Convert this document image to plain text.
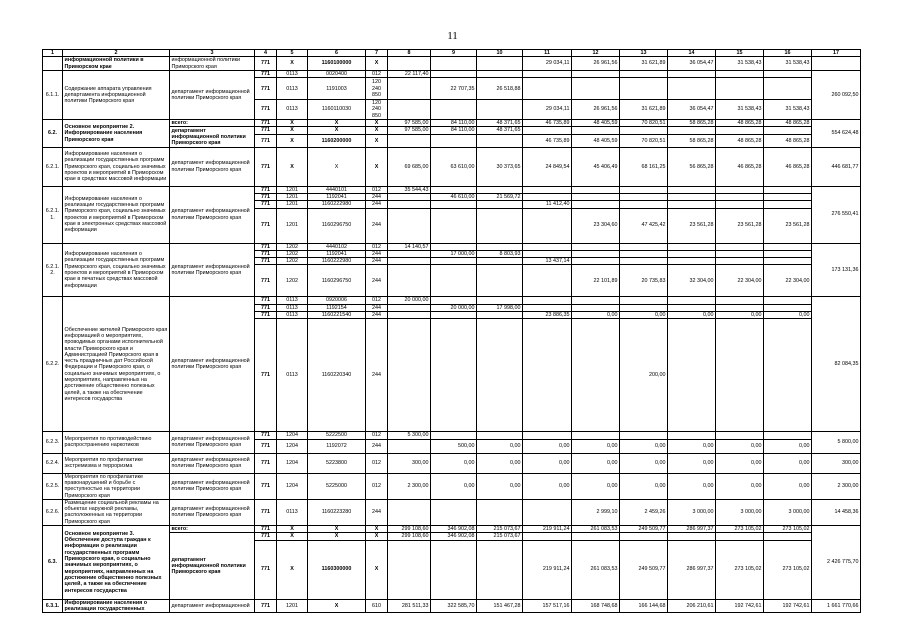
11
1	2	3	4	5	6	7	8	9	10	11	12	13	14	15	16	17
	информационной политики в Приморском крае	информационной политики Приморского края	771	X	1160100000	X				29 034,11	26 961,56	31 621,89	36 054,47	31 538,43	31 538,43	
6.1.1.	Содержание аппарата управления департамента информационной политики Приморского края	департамент информационной политики Приморского края	771	0113	0020400	012	22 117,40									260 092,50
			771	0113	1191003	120 240 850		22 707,35	26 518,88							
			771	0113	1160110030	120 240 850				29 034,11	26 961,56	31 621,89	36 054,47	31 538,43	31 538,43	
6.2.	Основное мероприятие 2. Информирование населения Приморского края	всего:	771	X	X	X	97 585,00	84 110,00	48 371,65	46 735,89	48 405,59	70 820,51	58 865,28	48 865,28	48 865,28	554 624,48
		департамент информационной политики Приморского края	771	X	X	X	97 585,00	84 110,00	48 371,65							
			771	X	1160200000	X				46 735,89	48 405,59	70 820,51	58 865,28	48 865,28	48 865,28	
6.2.1.	Информирование населения о реализации государственных программ Приморского края, социально значимых проектов и мероприятий в Приморском крае в средствах массовой информации	департамент информационной политики Приморского края	771	X	X	X	69 685,00	63 610,00	30 373,65	24 849,54	45 406,49	68 161,25	56 865,28	46 865,28	46 865,28	446 681,77
6.2.1.1.	Информирование населения о реализации государственных программ Приморского края, социально значимых проектов и мероприятий в Приморском крае в электронных средствах массовой информации	департамент информационной политики Приморского края	771	1201	4440101	012	35 544,43									276 550,41
			771	1201	1192041	244		46 610,00	21 569,72							
			771	1201	1160222980	244				11 412,40						
			771	1201	1160296750	244					23 304,60	47 425,42	23 561,28	23 561,28	23 561,28	
6.2.1.2.	Информирование населения о реализации государственных программ Приморского края, социально значимых проектов и мероприятий в Приморском крае в печатных средствах массовой информации	департамент информационной политики Приморского края	771	1202	4440102	012	14 140,57									173 131,36
			771	1202	1192041	244		17 000,00	8 803,93							
			771	1202	1160222980	244				13 437,14						
			771	1202	1160296750	244					22 101,89	20 735,83	32 304,00	22 304,00	22 304,00	
6.2.2.	Обеспечение жителей Приморского края информацией о мероприятиях, проводимых органами исполнительной власти Приморского края и Администрацией Приморского края в честь праздничных дат Российской Федерации и Приморского края, о социально значимых мероприятиях, о мероприятиях, направленных на достижение общественно полезных целей, а также на обеспечение интересов государства	департамент информационной политики Приморского края	771	0113	0920006	012	20 000,00									82 084,35
			771	0113	1192154	244		20 000,00	17 998,00							
			771	0113	1160221540	244				23 886,35	0,00	0,00	0,00	0,00	0,00	
			771	0113	1160220340	244						200,00				
6.2.3.	Мероприятия по противодействию распространению наркотиков	департамент информационной политики Приморского края	771	1204	5222500	012	5 300,00									5 800,00
			771	1204	1192072	244		500,00	0,00	0,00	0,00	0,00	0,00	0,00	0,00	
6.2.4.	Мероприятия по профилактике экстремизма и терроризма	департамент информационной политики Приморского края	771	1204	5223800	012	300,00	0,00	0,00	0,00	0,00	0,00	0,00	0,00	0,00	300,00
6.2.5.	Мероприятия по профилактике правонарушений и борьбе с преступностью на территории Приморского края	департамент информационной политики Приморского края	771	1204	5225000	012	2 300,00	0,00	0,00	0,00	0,00	0,00	0,00	0,00	0,00	2 300,00
6.2.6.	Размещение социальной рекламы на объектах наружной рекламы, расположенных на территории Приморского края	департамент информационной политики Приморского края	771	0113	1160223280	244					2 999,10	2 459,26	3 000,00	3 000,00	3 000,00	14 458,36
6.3.	Основное мероприятие 3. Обеспечение доступа граждан к информации о реализации государственных программ Приморского края, о социально значимых мероприятиях, о мероприятиях, направленных на достижение общественно полезных целей, а также на обеспечение интересов государства	всего:	771	X	X	X	299 108,60	346 902,08	215 073,67	219 911,24	261 083,53	249 509,77	286 997,37	273 105,02	273 105,02	2 426 775,70
		департамент информационной политики Приморского края	771	X	X	X	299 108,60	346 902,08	215 073,67							
			771	X	1160300000	X				219 911,24	261 083,53	249 509,77	286 997,37	273 105,02	273 105,02	
6.3.1.	Информирование населения о реализации государственных	департамент информационной	771	1201	X	610	281 511,33	322 585,70	151 467,28	157 517,16	168 748,68	166 144,68	206 210,61	192 742,61	192 742,61	1 661 770,66
